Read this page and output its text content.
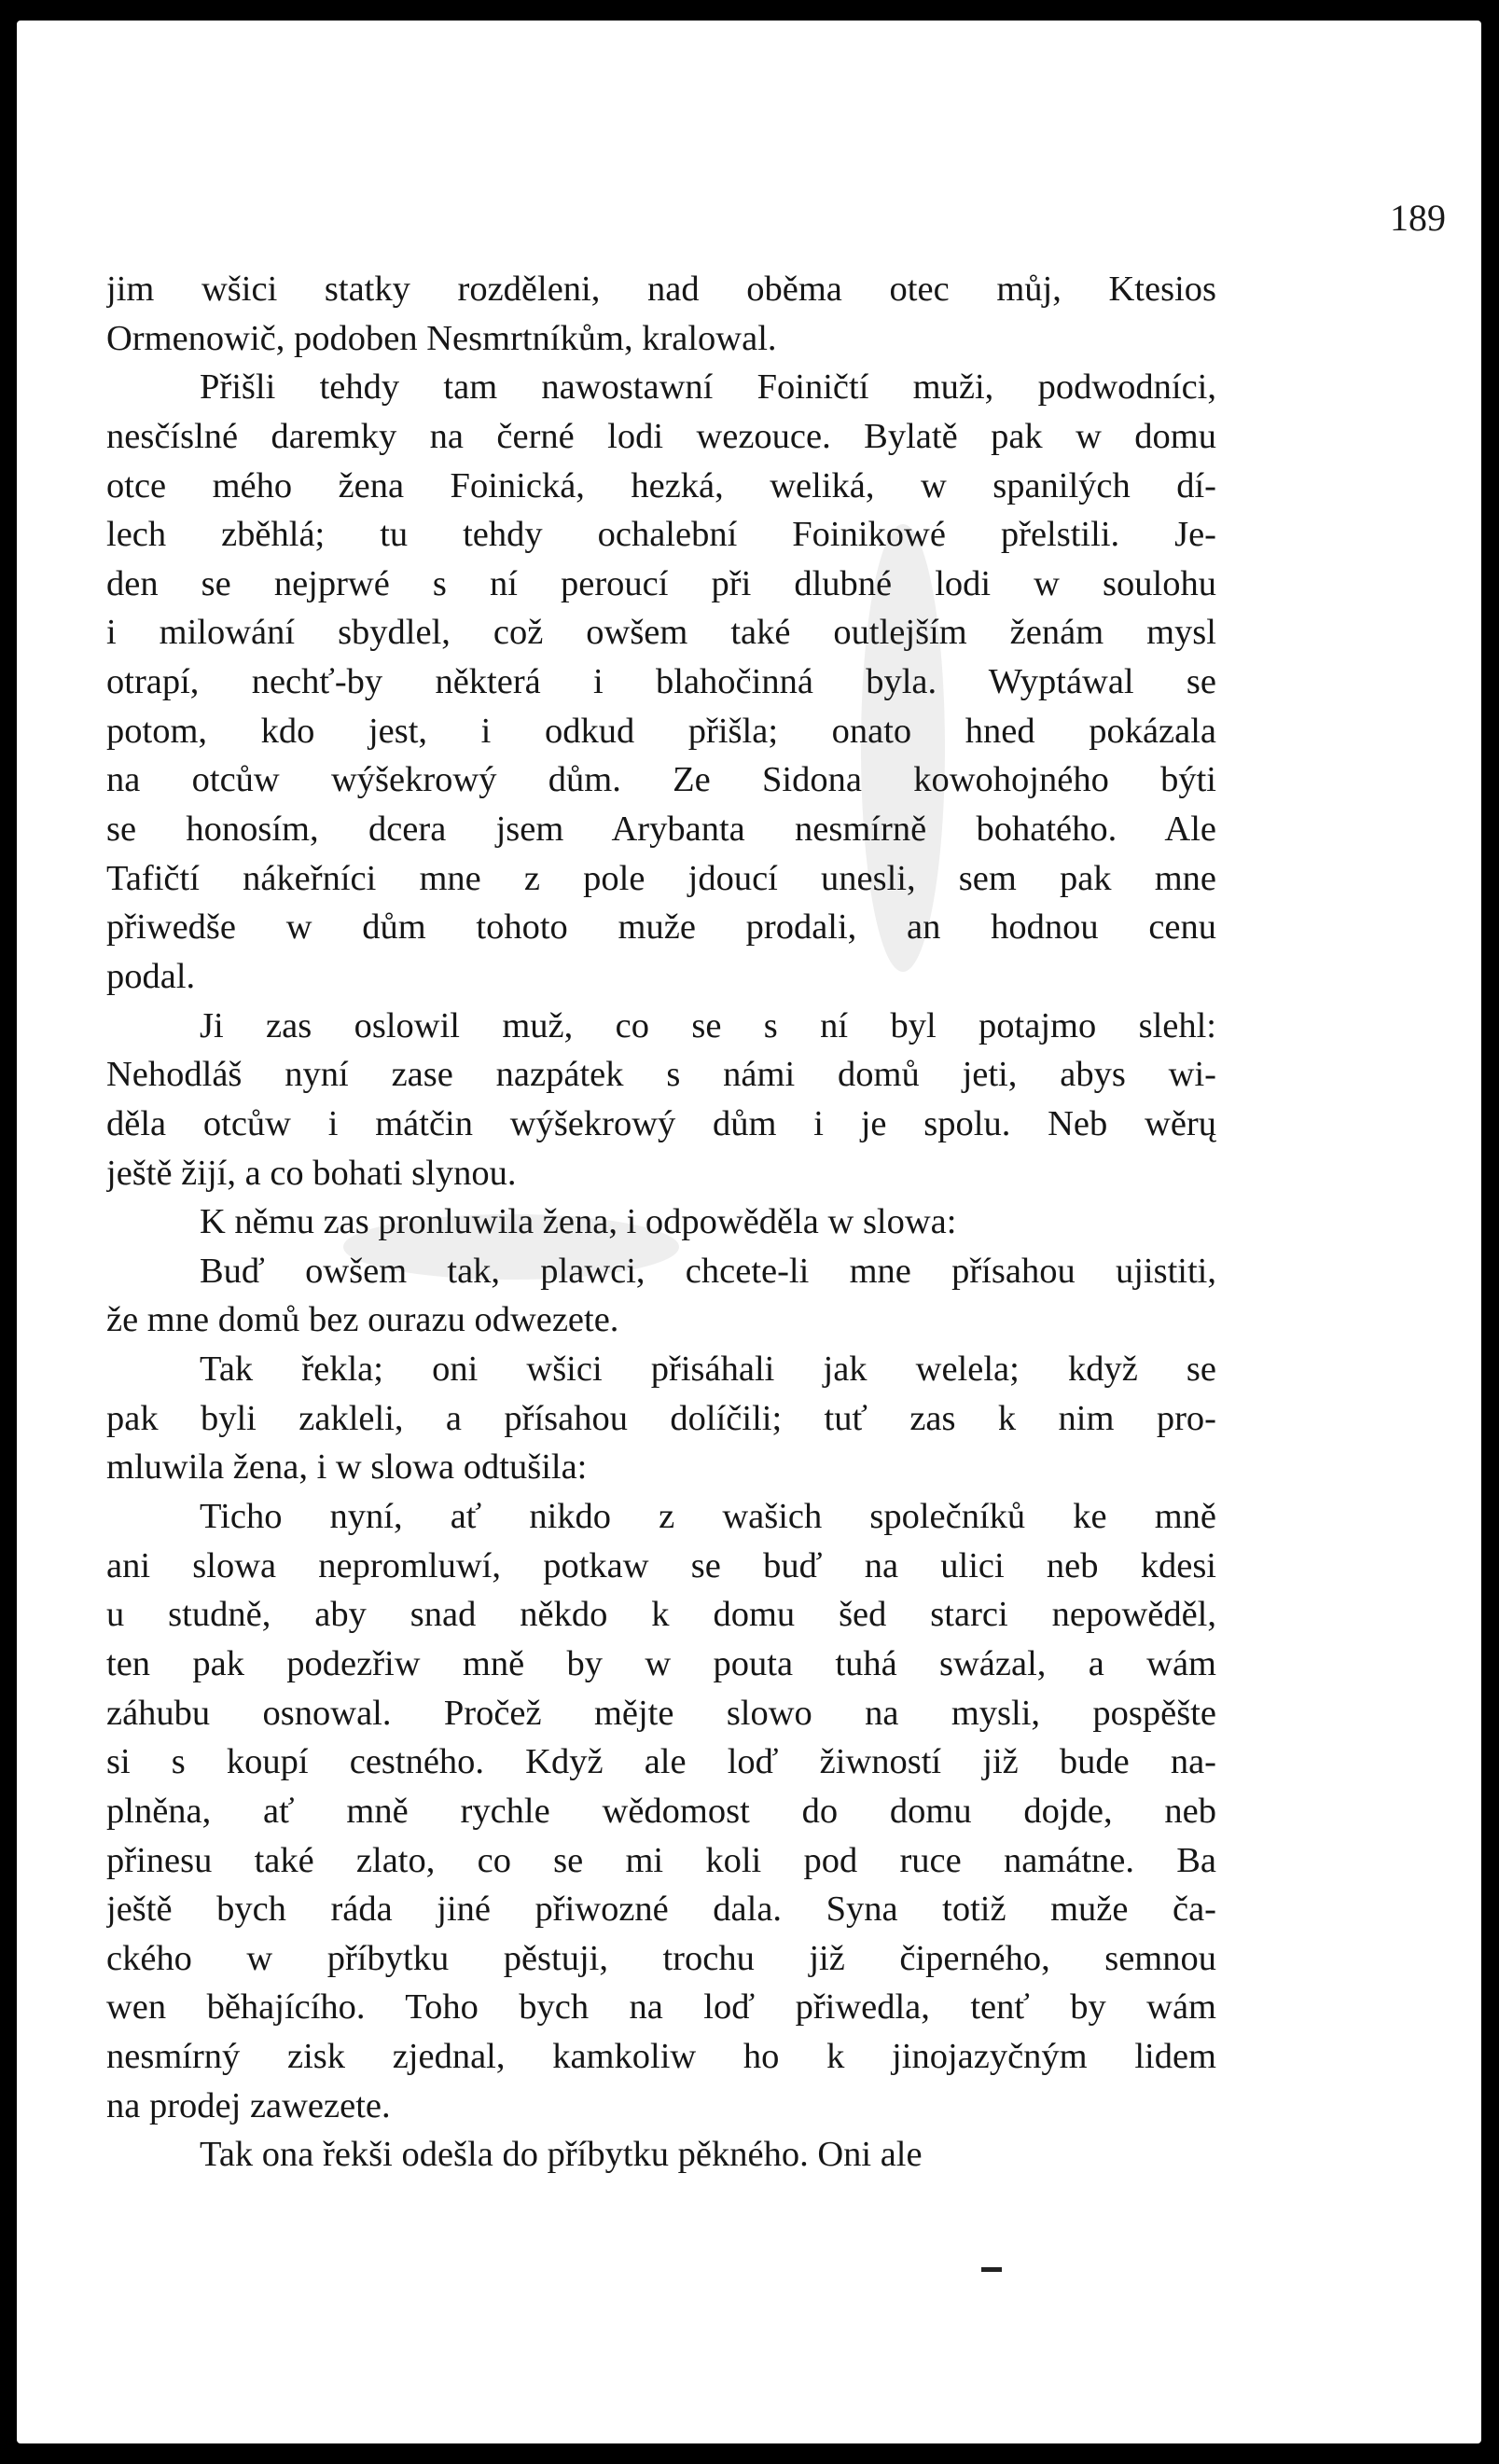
189
jim wšici statky rozděleni, nad oběma otec můj, Ktesios
Ormenowič, podoben Nesmrtníkům, kralowal.
Přišli tehdy tam nawostawní Foiničtí muži, podwodníci,
nesčíslné daremky na černé lodi wezouce. Bylatě pak w domu
otce mého žena Foinická, hezká, weliká, w spanilých dí-
lech zběhlá; tu tehdy ochalební Foinikowé přelstili. Je-
den se nejprwé s ní peroucí při dlubné lodi w soulohu
i milowání sbydlel, což owšem také outlejším ženám mysl
otrapí, nechť-by některá i blahočinná byla. Wyptáwal se
potom, kdo jest, i odkud přišla; onato hned pokázala
na otcůw wýšekrowý dům. Ze Sidona kowohojného býti
se honosím, dcera jsem Arybanta nesmírně bohatého. Ale
Tafičtí nákeřníci mne z pole jdoucí unesli, sem pak mne
přiwedše w dům tohoto muže prodali, an hodnou cenu
podal.
Ji zas oslowil muž, co se s ní byl potajmo slehl:
Nehodláš nyní zase nazpátek s námi domů jeti, abys wi-
děla otcůw i mátčin wýšekrowý dům i je spolu. Neb wěrų
ještě žijí, a co bohati slynou.
K němu zas pronluwila žena, i odpowěděla w slowa:
Buď owšem tak, plawci, chcete-li mne přísahou ujistiti,
že mne domů bez ourazu odwezete.
Tak řekla; oni wšici přisáhali jak welela; když se
pak byli zakleli, a přísahou dolíčili; tuť zas k nim pro-
mluwila žena, i w slowa odtušila:
Ticho nyní, ať nikdo z wašich společníků ke mně
ani slowa nepromluwí, potkaw se buď na ulici neb kdesi
u studně, aby snad někdo k domu šed starci nepowěděl,
ten pak podezřiw mně by w pouta tuhá swázal, a wám
záhubu osnowal. Pročež mějte slowo na mysli, pospěšte
si s koupí cestného. Když ale loď žiwností již bude na-
plněna, ať mně rychle wědomost do domu dojde, neb
přinesu také zlato, co se mi koli pod ruce namátne. Ba
ještě bych ráda jiné přiwozné dala. Syna totiž muže ča-
ckého w příbytku pěstuji, trochu již čiperného, semnou
wen běhajícího. Toho bych na loď přiwedla, tenť by wám
nesmírný zisk zjednal, kamkoliw ho k jinojazyčným lidem
na prodej zawezete.
Tak ona řekši odešla do příbytku pěkného. Oni ale
